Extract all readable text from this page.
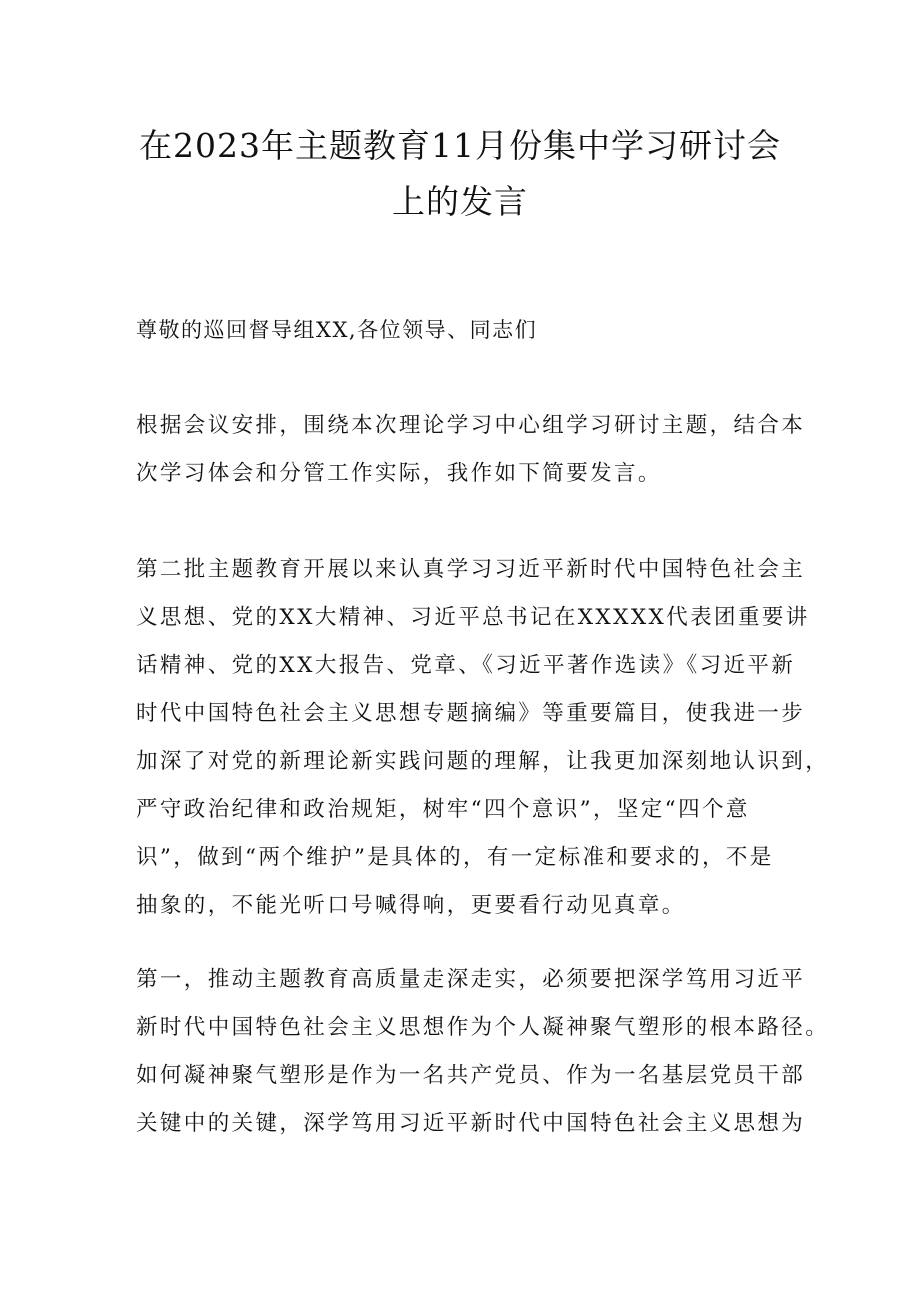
在2023年主题教育11月份集中学习研讨会
上的发言
尊敬的巡回督导组XX,各位领导、同志们

根据会议安排，围绕本次理论学习中心组学习研讨主题，结合本
次学习体会和分管工作实际，我作如下简要发言。

第二批主题教育开展以来认真学习习近平新时代中国特色社会主
义思想、党的XX大精神、习近平总书记在XXXXX代表团重要讲
话精神、党的XX大报告、党章、《习近平著作选读》《习近平新
时代中国特色社会主义思想专题摘编》等重要篇目，使我进一步
加深了对党的新理论新实践问题的理解，让我更加深刻地认识到，
严守政治纪律和政治规矩，树牢“四个意识”，坚定“四个意
识”，做到“两个维护”是具体的，有一定标准和要求的，不是
抽象的，不能光听口号喊得响，更要看行动见真章。

第一，推动主题教育高质量走深走实，必须要把深学笃用习近平
新时代中国特色社会主义思想作为个人凝神聚气塑形的根本路径。
如何凝神聚气塑形是作为一名共产党员、作为一名基层党员干部
关键中的关键，深学笃用习近平新时代中国特色社会主义思想为
